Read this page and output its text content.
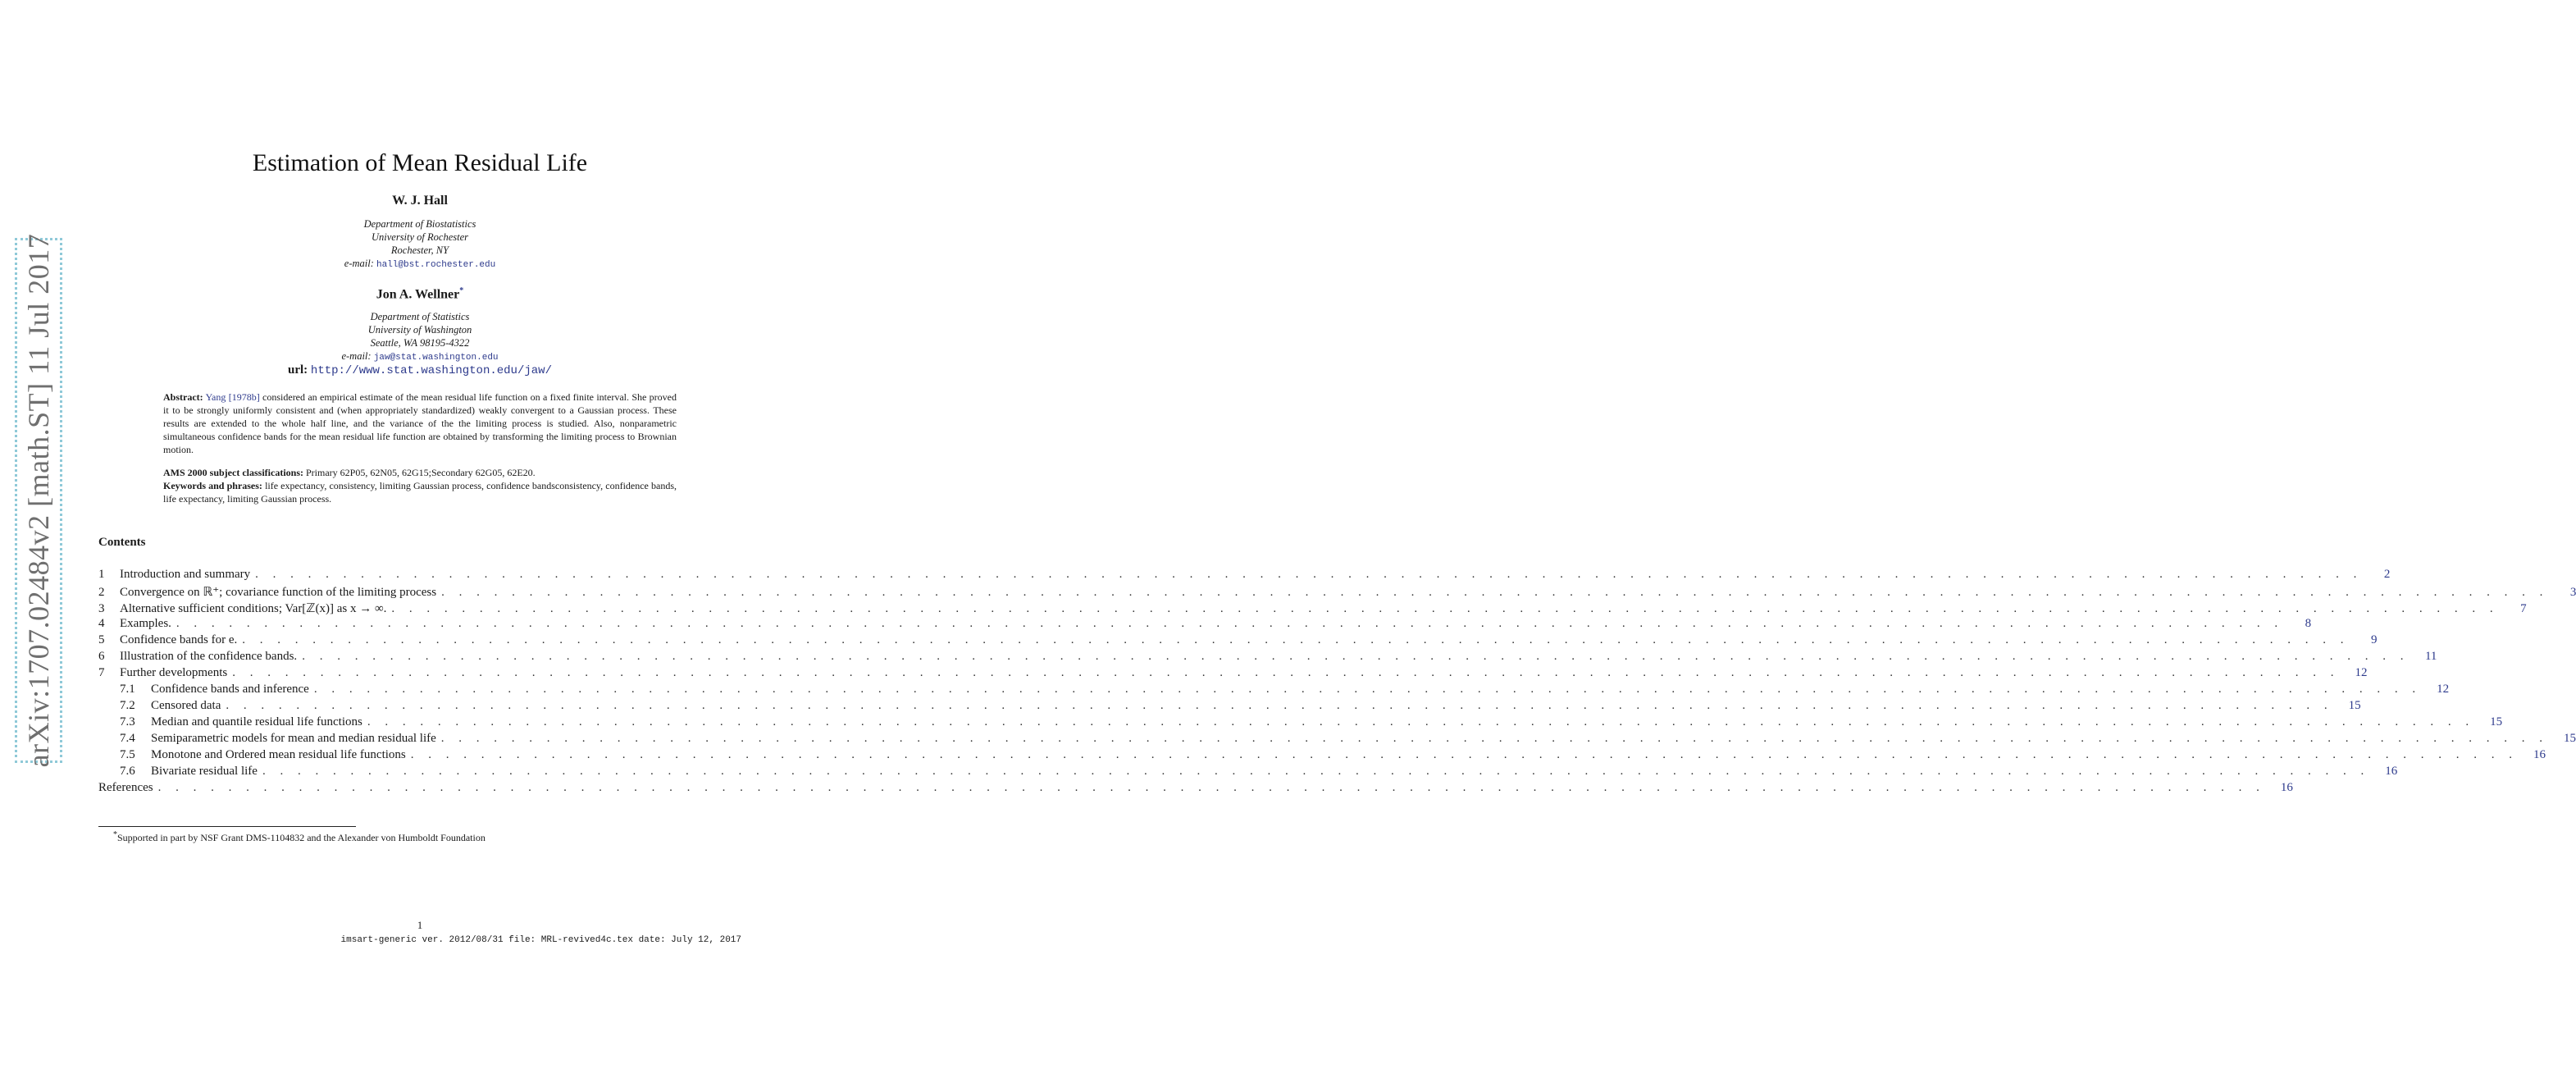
arXiv:1707.02484v2 [math.ST] 11 Jul 2017
Estimation of Mean Residual Life
W. J. Hall
Department of Biostatistics
University of Rochester
Rochester, NY
e-mail: hall@bst.rochester.edu
Jon A. Wellner*
Department of Statistics
University of Washington
Seattle, WA 98195-4322
e-mail: jaw@stat.washington.edu
url: http://www.stat.washington.edu/jaw/
Abstract: Yang [1978b] considered an empirical estimate of the mean residual life function on a fixed finite interval. She proved it to be strongly uniformly consistent and (when appropriately standardized) weakly convergent to a Gaussian process. These results are extended to the whole half line, and the variance of the the limiting process is studied. Also, nonparametric simultaneous confidence bands for the mean residual life function are obtained by transforming the limiting process to Brownian motion.
AMS 2000 subject classifications: Primary 62P05, 62N05, 62G15;Secondary 62G05, 62E20.
Keywords and phrases: life expectancy, consistency, limiting Gaussian process, confidence bandsconsistency, confidence bands, life expectancy, limiting Gaussian process.
Contents
1	Introduction and summary . . . . . . . . . . . . . . . . . . . . . . . . . . . . . . . . . . . . . . . . . . . . . . . . . . . . . . . . . . . . . . . . . . . . . . . . . . . . . . . . . . . . . . . . . . . . . . . . . . . . . . . . . . . . . . . . . . . . . . . .	2
2	Convergence on ℝ⁺; covariance function of the limiting process . . . . . . . . . . . . . . . . . . . . . . . . . . . . . . . . . . . . . . . . . . . . . . . . . . . . . . . . . . . . . . . . . . . . . . . . . . . . . . . . . . . . . . . . . . . . . . . . . . . . . . . . . . . . . . . . . . . . . . . .	3
3	Alternative sufficient conditions; Var[ℤ(x)] as x → ∞. . . . . . . . . . . . . . . . . . . . . . . . . . . . . . . . . . . . . . . . . . . . . . . . . . . . . . . . . . . . . . . . . . . . . . . . . . . . . . . . . . . . . . . . . . . . . . . . . . . . . . . . . . . . . . . . . . . . . . . . .	7
4	Examples. . . . . . . . . . . . . . . . . . . . . . . . . . . . . . . . . . . . . . . . . . . . . . . . . . . . . . . . . . . . . . . . . . . . . . . . . . . . . . . . . . . . . . . . . . . . . . . . . . . . . . . . . . . . . . . . . . . . . . . . .	8
5	Confidence bands for e. . . . . . . . . . . . . . . . . . . . . . . . . . . . . . . . . . . . . . . . . . . . . . . . . . . . . . . . . . . . . . . . . . . . . . . . . . . . . . . . . . . . . . . . . . . . . . . . . . . . . . . . . . . . . . . . . . . . . . . . .	9
6	Illustration of the confidence bands. . . . . . . . . . . . . . . . . . . . . . . . . . . . . . . . . . . . . . . . . . . . . . . . . . . . . . . . . . . . . . . . . . . . . . . . . . . . . . . . . . . . . . . . . . . . . . . . . . . . . . . . . . . . . . . . . . . . . . . . .	11
7	Further developments . . . . . . . . . . . . . . . . . . . . . . . . . . . . . . . . . . . . . . . . . . . . . . . . . . . . . . . . . . . . . . . . . . . . . . . . . . . . . . . . . . . . . . . . . . . . . . . . . . . . . . . . . . . . . . . . . . . . . . . .	12
7.1	Confidence bands and inference . . . . . . . . . . . . . . . . . . . . . . . . . . . . . . . . . . . . . . . . . . . . . . . . . . . . . . . . . . . . . . . . . . . . . . . . . . . . . . . . . . . . . . . . . . . . . . . . . . . . . . . . . . . . . . . . . . . . . . . .	12
7.2	Censored data . . . . . . . . . . . . . . . . . . . . . . . . . . . . . . . . . . . . . . . . . . . . . . . . . . . . . . . . . . . . . . . . . . . . . . . . . . . . . . . . . . . . . . . . . . . . . . . . . . . . . . . . . . . . . . . . . . . . . . . .	15
7.3	Median and quantile residual life functions . . . . . . . . . . . . . . . . . . . . . . . . . . . . . . . . . . . . . . . . . . . . . . . . . . . . . . . . . . . . . . . . . . . . . . . . . . . . . . . . . . . . . . . . . . . . . . . . . . . . . . . . . . . . . . . . . . . . . . . .	15
7.4	Semiparametric models for mean and median residual life . . . . . . . . . . . . . . . . . . . . . . . . . . . . . . . . . . . . . . . . . . . . . . . . . . . . . . . . . . . . . . . . . . . . . . . . . . . . . . . . . . . . . . . . . . . . . . . . . . . . . . . . . . . . . . . . . . . . . . . .	15
7.5	Monotone and Ordered mean residual life functions . . . . . . . . . . . . . . . . . . . . . . . . . . . . . . . . . . . . . . . . . . . . . . . . . . . . . . . . . . . . . . . . . . . . . . . . . . . . . . . . . . . . . . . . . . . . . . . . . . . . . . . . . . . . . . . . . . . . . . . .	16
7.6	Bivariate residual life . . . . . . . . . . . . . . . . . . . . . . . . . . . . . . . . . . . . . . . . . . . . . . . . . . . . . . . . . . . . . . . . . . . . . . . . . . . . . . . . . . . . . . . . . . . . . . . . . . . . . . . . . . . . . . . . . . . . . . . .	16
References . . . . . . . . . . . . . . . . . . . . . . . . . . . . . . . . . . . . . . . . . . . . . . . . . . . . . . . . . . . . . . . . . . . . . . . . . . . . . . . . . . . . . . . . . . . . . . . . . . . . . . . . . . . . . . . . . . . . . . . .	16
*Supported in part by NSF Grant DMS-1104832 and the Alexander von Humboldt Foundation
1
imsart-generic ver. 2012/08/31 file: MRL-revived4c.tex date: July 12, 2017
